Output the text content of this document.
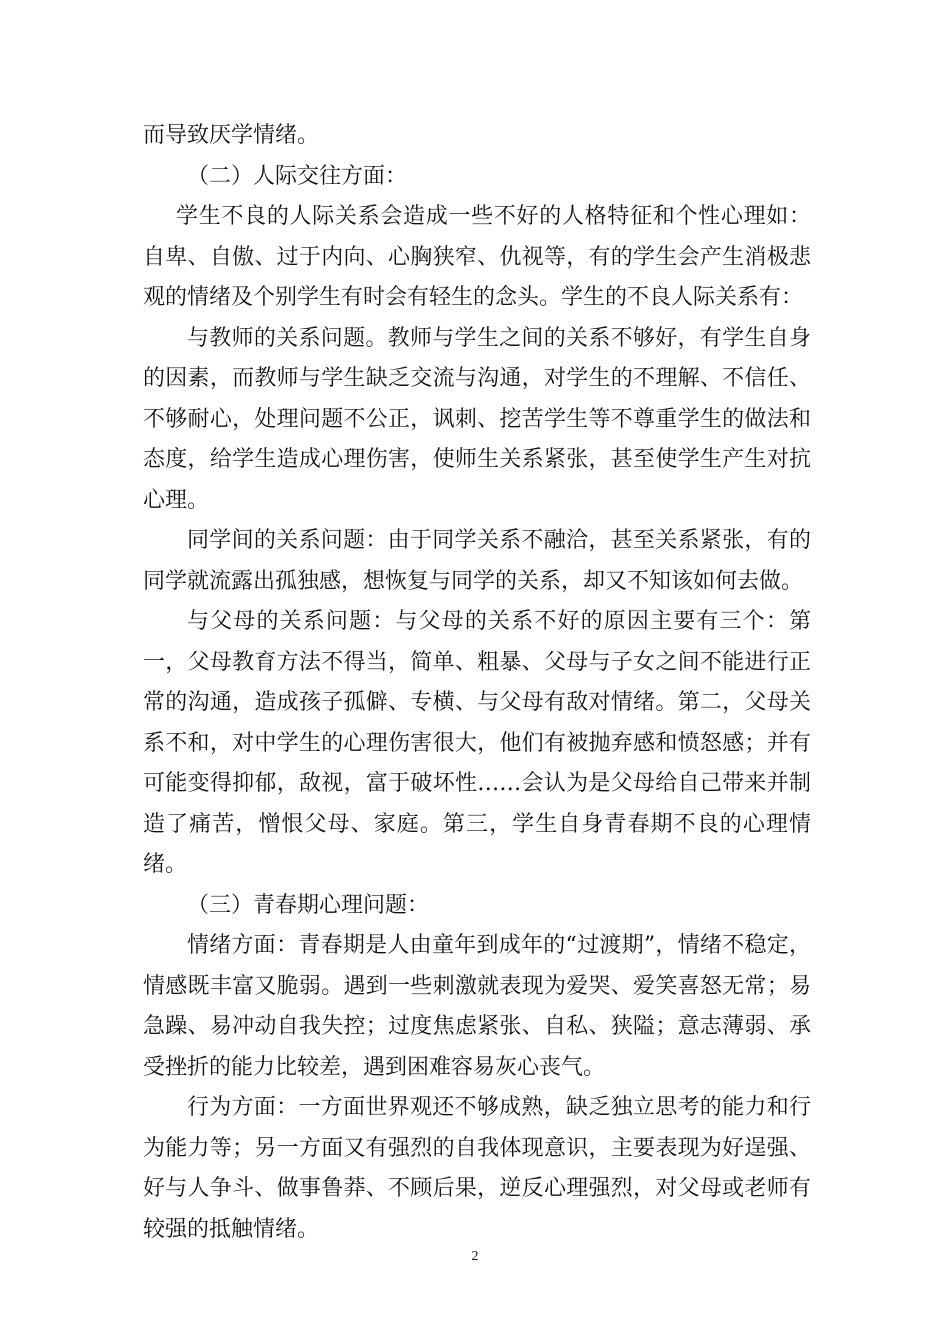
而导致厌学情绪。

（二）人际交往方面：

学生不良的人际关系会造成一些不好的人格特征和个性心理如：自卑、自傲、过于内向、心胸狭窄、仇视等，有的学生会产生消极悲观的情绪及个别学生有时会有轻生的念头。学生的不良人际关系有：

与教师的关系问题。教师与学生之间的关系不够好，有学生自身的因素，而教师与学生缺乏交流与沟通，对学生的不理解、不信任、不够耐心，处理问题不公正，讽刺、挖苦学生等不尊重学生的做法和态度，给学生造成心理伤害，使师生关系紧张，甚至使学生产生对抗心理。

同学间的关系问题：由于同学关系不融洽，甚至关系紧张，有的同学就流露出孤独感，想恢复与同学的关系，却又不知该如何去做。

与父母的关系问题：与父母的关系不好的原因主要有三个：第一，父母教育方法不得当，简单、粗暴、父母与子女之间不能进行正常的沟通，造成孩子孤僻、专横、与父母有敌对情绪。第二，父母关系不和，对中学生的心理伤害很大，他们有被抛弃感和愤怒感；并有可能变得抑郁，敌视，富于破坏性……会认为是父母给自己带来并制造了痛苦，憎恨父母、家庭。第三，学生自身青春期不良的心理情绪。

（三）青春期心理问题：

情绪方面：青春期是人由童年到成年的“过渡期”，情绪不稳定，情感既丰富又脆弱。遇到一些刺激就表现为爱哭、爱笑喜怒无常；易急躁、易冲动自我失控；过度焦虑紧张、自私、狭隘；意志薄弱、承受挫折的能力比较差，遇到困难容易灰心丧气。

行为方面：一方面世界观还不够成熟，缺乏独立思考的能力和行为能力等；另一方面又有强烈的自我体现意识，主要表现为好逞强、好与人争斗、做事鲁莽、不顾后果，逆反心理强烈，对父母或老师有较强的抵触情绪。

2
